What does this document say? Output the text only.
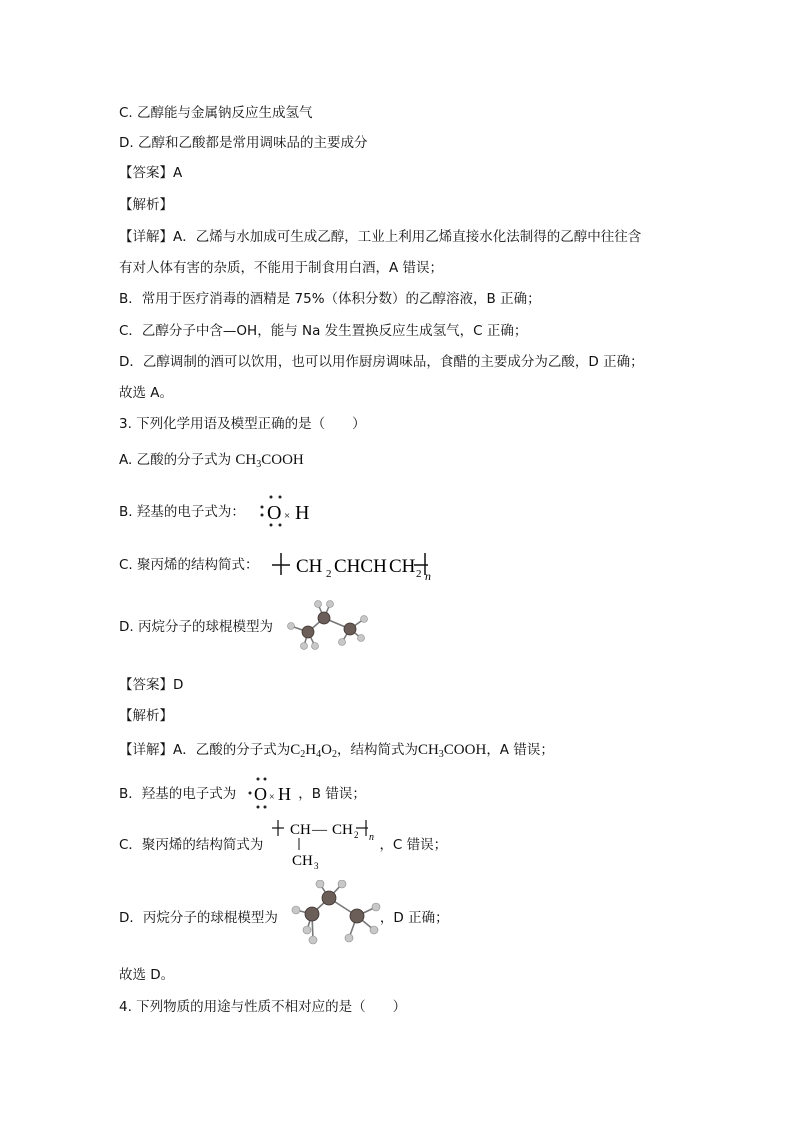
C. 乙醇能与金属钠反应生成氢气
D. 乙醇和乙酸都是常用调味品的主要成分
【答案】A
【解析】
【详解】A．乙烯与水加成可生成乙醇，工业上利用乙烯直接水化法制得的乙醇中往往含
有对人体有害的杂质，不能用于制食用白酒，A 错误；
B．常用于医疗消毒的酒精是 75%（体积分数）的乙醇溶液，B 正确；
C．乙醇分子中含—OH，能与 Na 发生置换反应生成氢气，C 正确；
D．乙醇调制的酒可以饮用，也可以用作厨房调味品，食醋的主要成分为乙酸，D 正确；
故选 A。
3. 下列化学用语及模型正确的是（　　）
A. 乙酸的分子式为 $CH_3COOH$
B. 羟基的电子式为： O × H
C. 聚丙烯的结构简式： CH 2 CHCH CH 2 n
D. 丙烷分子的球棍模型为
【答案】D
【解析】
【详解】A．乙酸的分子式为$C_2H_4O_2$，结构简式为$CH_3COOH$，A 错误；
B．羟基的电子式为	，B 错误；
O × H
C．聚丙烯的结构简式为	，C 错误；
CH — CH 2 n
CH 3
D．丙烷分子的球棍模型为	，D 正确；
故选 D。
4. 下列物质的用途与性质不相对应的是（　　）
